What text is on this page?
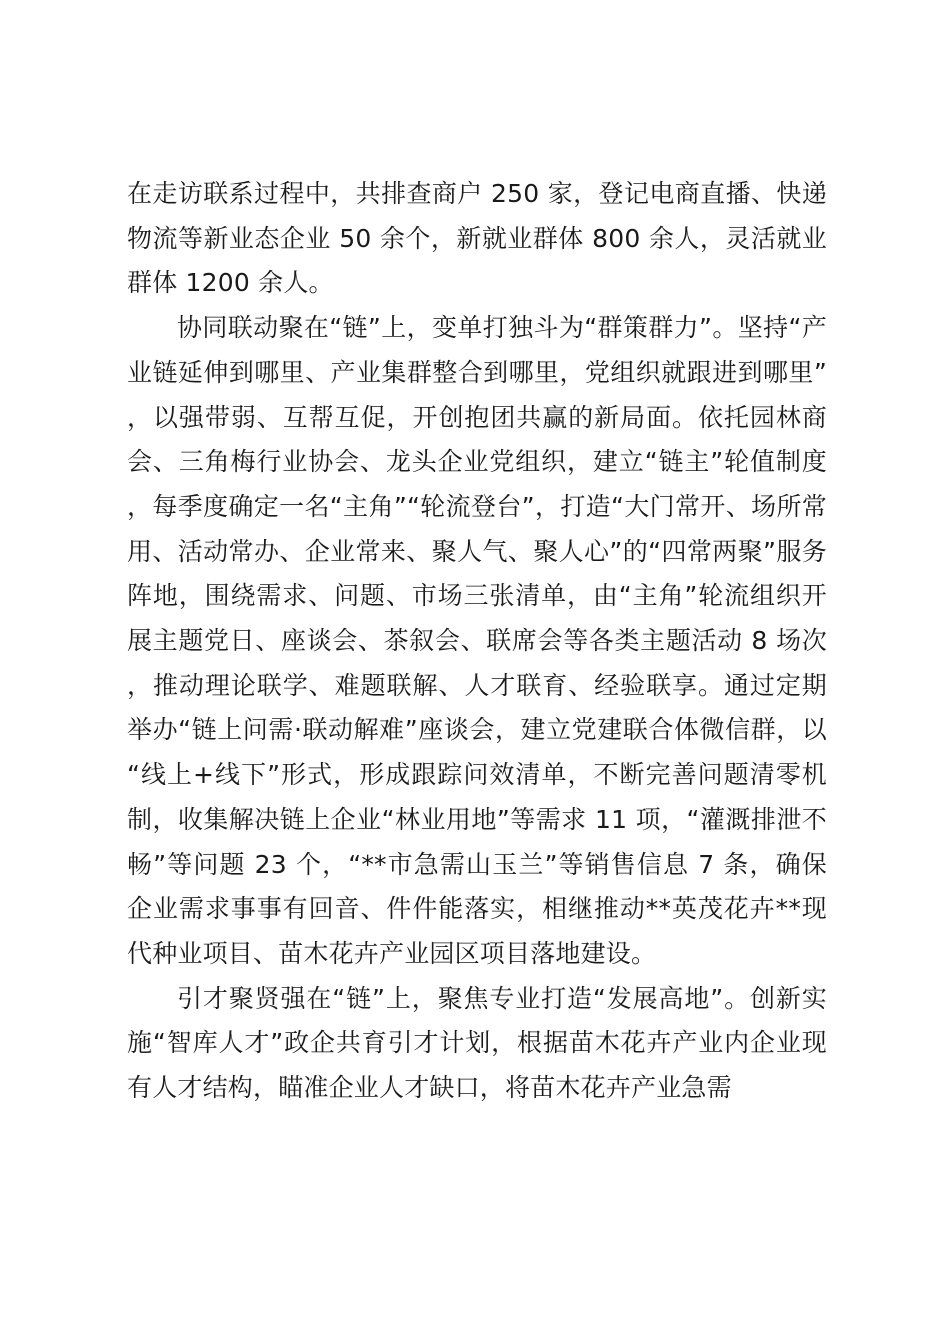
在走访联系过程中，共排查商户 250 家，登记电商直播、快递物流等新业态企业 50 余个，新就业群体 800 余人，灵活就业群体 1200 余人。

协同联动聚在“链”上，变单打独斗为“群策群力”。坚持“产业链延伸到哪里、产业集群整合到哪里，党组织就跟进到哪里”，以强带弱、互帮互促，开创抱团共赢的新局面。依托园林商会、三角梅行业协会、龙头企业党组织，建立“链主”轮值制度，每季度确定一名“主角”“轮流登台”，打造“大门常开、场所常用、活动常办、企业常来、聚人气、聚人心”的“四常两聚”服务阵地，围绕需求、问题、市场三张清单，由“主角”轮流组织开展主题党日、座谈会、茶叙会、联席会等各类主题活动 8 场次，推动理论联学、难题联解、人才联育、经验联享。通过定期举办“链上问需·联动解难”座谈会，建立党建联合体微信群，以“线上+线下”形式，形成跟踪问效清单，不断完善问题清零机制，收集解决链上企业“林业用地”等需求 11 项，“灌溉排泄不畅”等问题 23 个，“**市急需山玉兰”等销售信息 7 条，确保企业需求事事有回音、件件能落实，相继推动**英茂花卉**现代种业项目、苗木花卉产业园区项目落地建设。

引才聚贤强在“链”上，聚焦专业打造“发展高地”。创新实施“智库人才”政企共育引才计划，根据苗木花卉产业内企业现有人才结构，瞄准企业人才缺口，将苗木花卉产业急需
